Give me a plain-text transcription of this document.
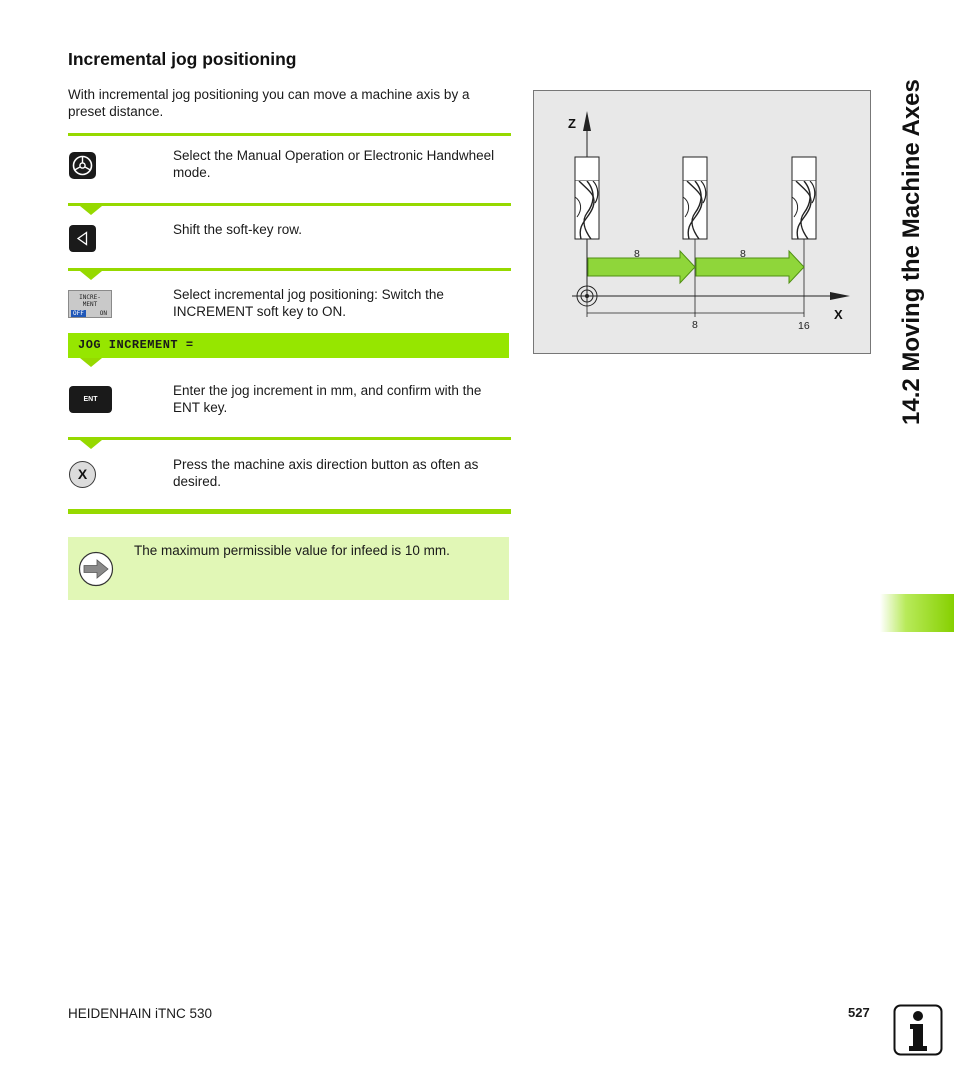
Incremental jog positioning
With incremental jog positioning you can move a machine axis by a preset distance.
Select the Manual Operation or Electronic Handwheel mode.
Shift the soft-key row.
INCRE-
MENT
OFF	ON
Select incremental jog positioning: Switch the INCREMENT soft key to ON.
JOG INCREMENT =
ENT
Enter the jog increment in mm, and confirm with the ENT key.
X
Press the machine axis direction button as often as desired.
The maximum permissible value for infeed is 10 mm.
Z
X
8	8
8	16	14.2 Moving the Machine Axes
HEIDENHAIN iTNC 530	527
